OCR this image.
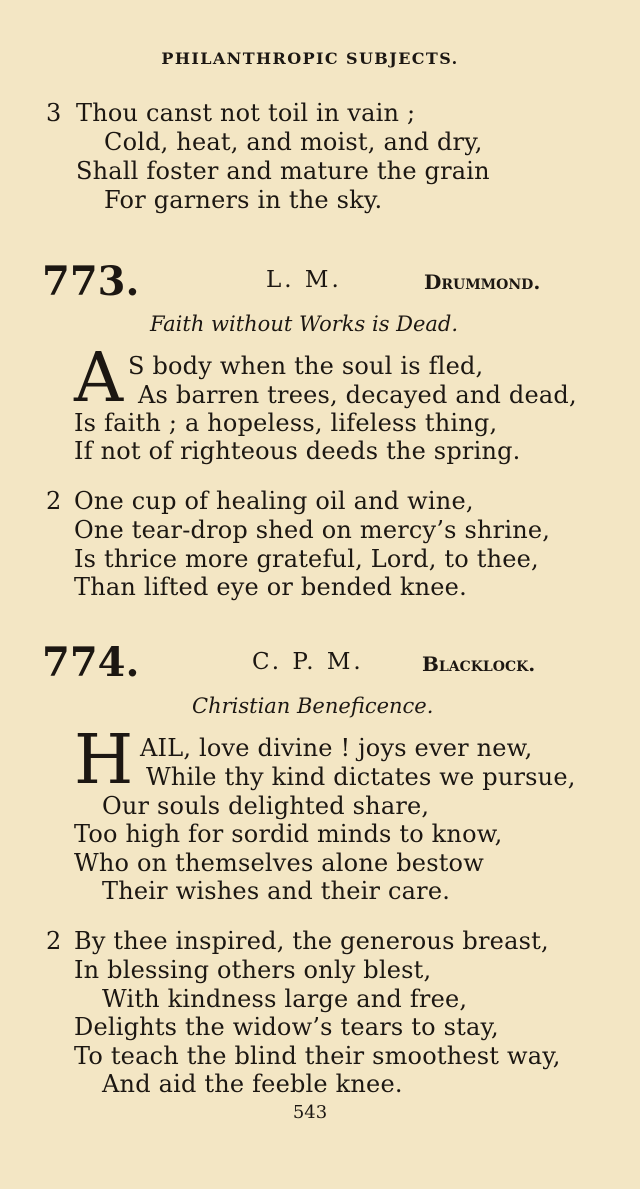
PHILANTHROPIC SUBJECTS.
3 Thou canst not toil in vain ;
Cold, heat, and moist, and dry,
Shall foster and mature the grain
For garners in the sky.
773.	L. M.	Drummond.
Faith without Works is Dead.
A S body when the soul is fled,
As barren trees, decayed and dead,
Is faith ; a hopeless, lifeless thing,
If not of righteous deeds the spring.
2 One cup of healing oil and wine,
One tear-drop shed on mercy’s shrine,
Is thrice more grateful, Lord, to thee,
Than lifted eye or bended knee.
774.	C. P. M.	Blacklock.
Christian Beneficence.
H AIL, love divine ! joys ever new,
While thy kind dictates we pursue,
Our souls delighted share,
Too high for sordid minds to know,
Who on themselves alone bestow
Their wishes and their care.
2 By thee inspired, the generous breast,
In blessing others only blest,
With kindness large and free,
Delights the widow’s tears to stay,
To teach the blind their smoothest way,
And aid the feeble knee.
543
